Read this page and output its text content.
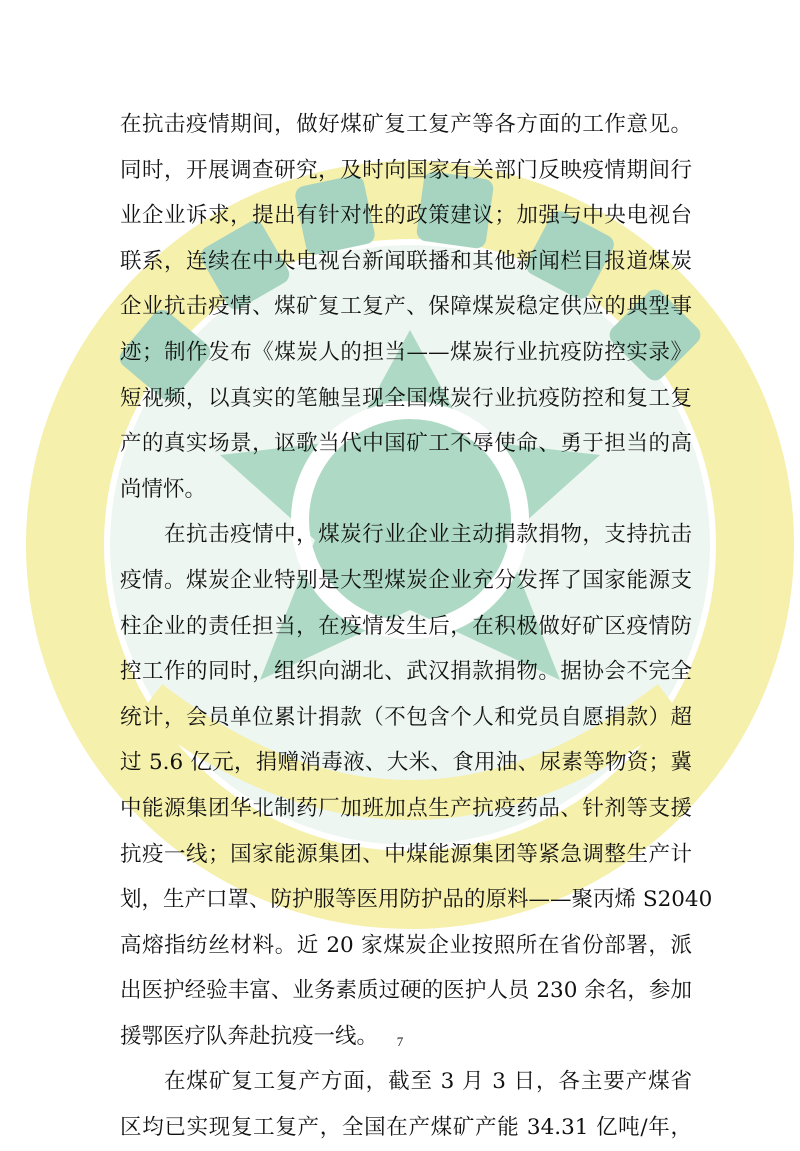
在抗击疫情期间，做好煤矿复工复产等各方面的工作意见。
同时，开展调查研究，及时向国家有关部门反映疫情期间行
业企业诉求，提出有针对性的政策建议；加强与中央电视台
联系，连续在中央电视台新闻联播和其他新闻栏目报道煤炭
企业抗击疫情、煤矿复工复产、保障煤炭稳定供应的典型事
迹；制作发布《煤炭人的担当——煤炭行业抗疫防控实录》
短视频，以真实的笔触呈现全国煤炭行业抗疫防控和复工复
产的真实场景，讴歌当代中国矿工不辱使命、勇于担当的高
尚情怀。
在抗击疫情中，煤炭行业企业主动捐款捐物，支持抗击
疫情。煤炭企业特别是大型煤炭企业充分发挥了国家能源支
柱企业的责任担当，在疫情发生后，在积极做好矿区疫情防
控工作的同时，组织向湖北、武汉捐款捐物。据协会不完全
统计，会员单位累计捐款（不包含个人和党员自愿捐款）超
过 5.6 亿元，捐赠消毒液、大米、食用油、尿素等物资；冀
中能源集团华北制药厂加班加点生产抗疫药品、针剂等支援
抗疫一线；国家能源集团、中煤能源集团等紧急调整生产计
划，生产口罩、防护服等医用防护品的原料——聚丙烯 S2040
高熔指纺丝材料。近 20 家煤炭企业按照所在省份部署，派
出医护经验丰富、业务素质过硬的医护人员 230 余名，参加
援鄂医疗队奔赴抗疫一线。
在煤矿复工复产方面，截至 3 月 3 日，各主要产煤省
区均已实现复工复产，全国在产煤矿产能 34.31 亿吨/年，
7
